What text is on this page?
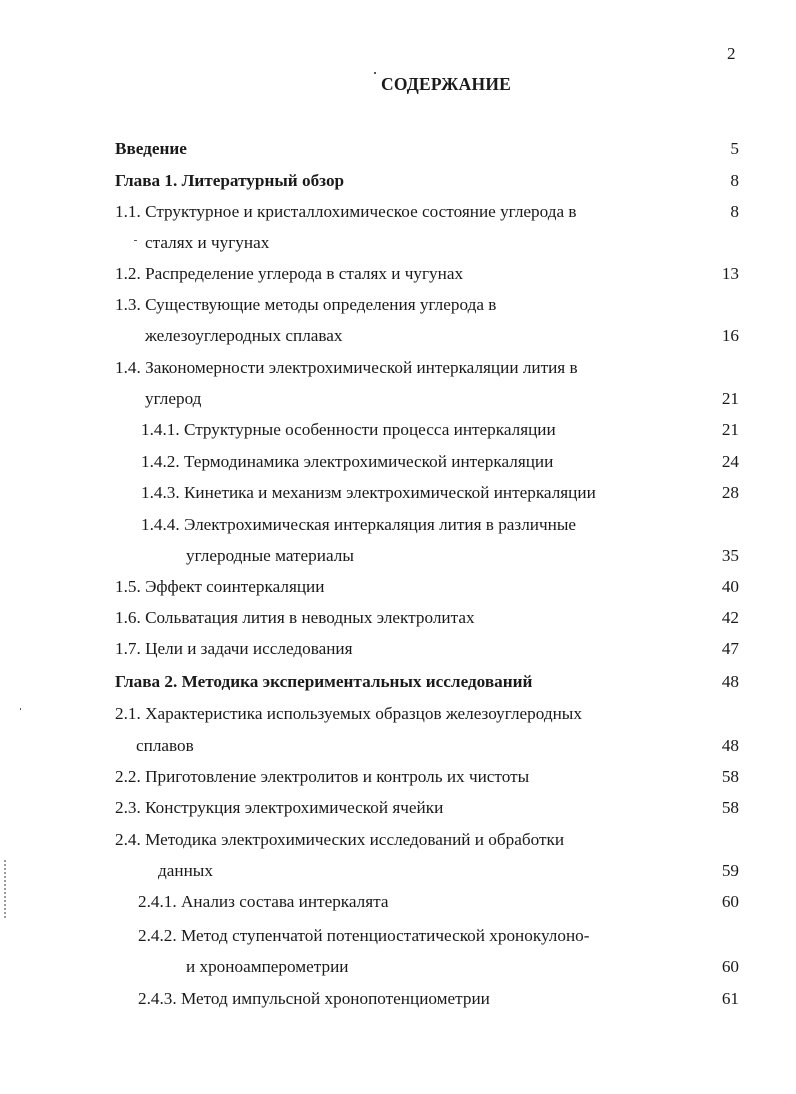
2
СОДЕРЖАНИЕ
Введение	5
Глава 1. Литературный обзор	8
1.1. Структурное и кристаллохимическое состояние углерода в	8
сталях и чугунах
1.2. Распределение углерода в сталях и чугунах	13
1.3. Существующие методы определения углерода в
железоуглеродных сплавах	16
1.4. Закономерности электрохимической интеркаляции лития в
углерод	21
1.4.1. Структурные особенности процесса интеркаляции	21
1.4.2. Термодинамика электрохимической интеркаляции	24
1.4.3. Кинетика и механизм электрохимической интеркаляции	28
1.4.4. Электрохимическая интеркаляция лития в различные
углеродные материалы	35
1.5. Эффект соинтеркаляции	40
1.6. Сольватация лития в неводных электролитах	42
1.7. Цели и задачи исследования	47
Глава 2. Методика экспериментальных исследований	48
2.1. Характеристика используемых образцов железоуглеродных
сплавов	48
2.2. Приготовление электролитов и контроль их чистоты	58
2.3. Конструкция электрохимической ячейки	58
2.4. Методика электрохимических исследований и обработки
данных	59
2.4.1. Анализ состава интеркалята	60
2.4.2. Метод ступенчатой потенциостатической хронокулоно-
и хроноамперометрии	60
2.4.3. Метод импульсной хронопотенциометрии	61
